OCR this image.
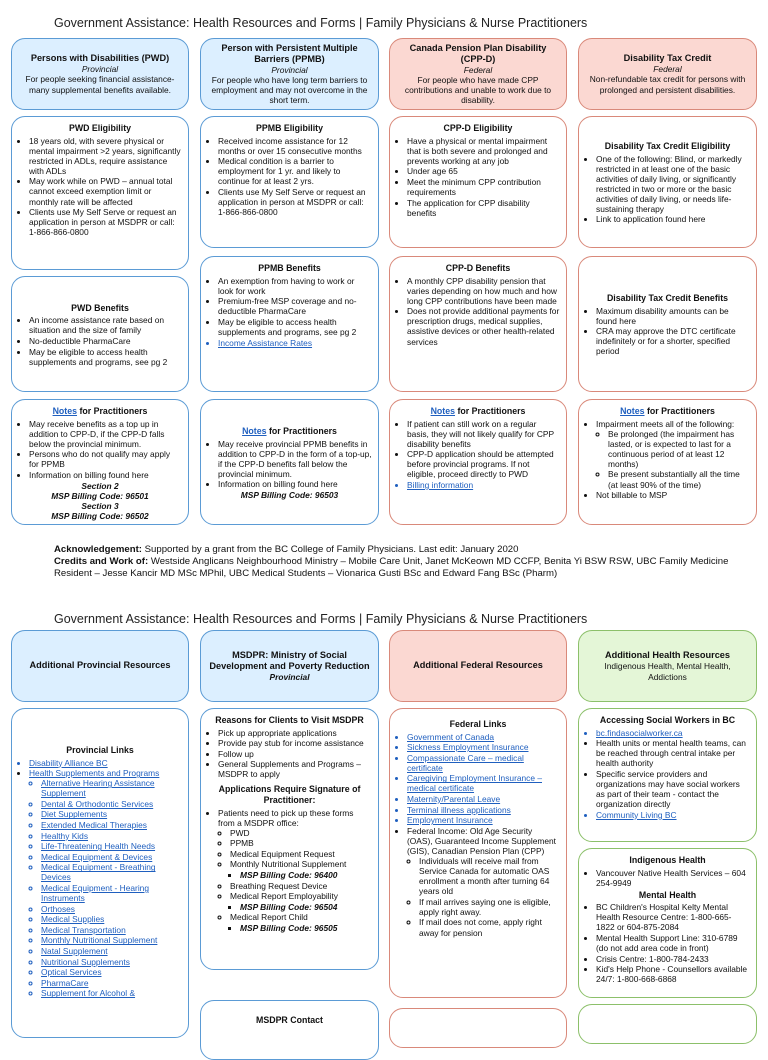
Government Assistance: Health Resources and Forms | Family Physicians & Nurse Practitioners
Persons with Disabilities (PWD)
Provincial
For people seeking financial assistance- many supplemental benefits available.
Person with Persistent Multiple Barriers (PPMB)
Provincial
For people who have long term barriers to employment and may not overcome in the short term.
Canada Pension Plan Disability (CPP-D)
Federal
For people who have made CPP contributions and unable to work due to disability.
Disability Tax Credit
Federal
Non-refundable tax credit for persons with prolonged and persistent disabilities.
PWD Eligibility
• 18 years old, with severe physical or mental impairment >2 years, significantly restricted in ADLs, require assistance with ADLs
• May work while on PWD – annual total cannot exceed exemption limit or monthly rate will be affected
• Clients use My Self Serve or request an application in person at MSDPR or call: 1-866-866-0800
PPMB Eligibility
• Received income assistance for 12 months or over 15 consecutive months
• Medical condition is a barrier to employment for 1 yr. and likely to continue for at least 2 yrs.
• Clients use My Self Serve or request an application in person at MSDPR or call: 1-866-866-0800
CPP-D Eligibility
• Have a physical or mental impairment that is both severe and prolonged and prevents working at any job
• Under age 65
• Meet the minimum CPP contribution requirements
• The application for CPP disability benefits
Disability Tax Credit Eligibility
• One of the following: Blind, or markedly restricted in at least one of the basic activities of daily living, or significantly restricted in two or more or the basic activities of daily living, or needs life-sustaining therapy
• Link to application found here
PWD Benefits
• An income assistance rate based on situation and the size of family
• No-deductible PharmaCare
• May be eligible to access health supplements and programs, see pg 2
PPMB Benefits
• An exemption from having to work or look for work
• Premium-free MSP coverage and no-deductible PharmaCare
• May be eligible to access health supplements and programs, see pg 2
• Income Assistance Rates
CPP-D Benefits
• A monthly CPP disability pension that varies depending on how much and how long CPP contributions have been made
• Does not provide additional payments for prescription drugs, medical supplies, assistive devices or other health-related services
Disability Tax Credit Benefits
• Maximum disability amounts can be found here
• CRA may approve the DTC certificate indefinitely or for a shorter, specified period
Notes for Practitioners
• May receive benefits as a top up in addition to CPP-D, if the CPP-D falls below the provincial minimum.
• Persons who do not qualify may apply for PPMB
• Information on billing found here
Section 2
MSP Billing Code: 96501
Section 3
MSP Billing Code: 96502
Notes for Practitioners
• May receive provincial PPMB benefits in addition to CPP-D in the form of a top-up, if the CPP-D benefits fall below the provincial minimum.
• Information on billing found here
MSP Billing Code: 96503
Notes for Practitioners
• If patient can still work on a regular basis, they will not likely qualify for CPP disability benefits
• CPP-D application should be attempted before provincial programs. If not eligible, proceed directly to PWD
• Billing information
Notes for Practitioners
• Impairment meets all of the following:
◦ Be prolonged (the impairment has lasted, or is expected to last for a continuous period of at least 12 months)
◦ Be present substantially all the time (at least 90% of the time)
• Not billable to MSP
Acknowledgement: Supported by a grant from the BC College of Family Physicians. Last edit: January 2020
Credits and Work of: Westside Anglicans Neighbourhood Ministry – Mobile Care Unit, Janet McKeown MD CCFP, Benita Yi BSW RSW, UBC Family Medicine Resident – Jesse Kancir MD MSc MPhil, UBC Medical Students – Vionarica Gusti BSc and Edward Fang BSc (Pharm)
Government Assistance: Health Resources and Forms | Family Physicians & Nurse Practitioners
Additional Provincial Resources
MSDPR: Ministry of Social Development and Poverty Reduction
Provincial
Additional Federal Resources
Additional Health Resources
Indigenous Health, Mental Health, Addictions
Provincial Links
• Disability Alliance BC
• Health Supplements and Programs
◦ Alternative Hearing Assistance Supplement
◦ Dental & Orthodontic Services
◦ Diet Supplements
◦ Extended Medical Therapies
◦ Healthy Kids
◦ Life-Threatening Health Needs
◦ Medical Equipment & Devices
◦ Medical Equipment - Breathing Devices
◦ Medical Equipment - Hearing Instruments
◦ Orthoses
◦ Medical Supplies
◦ Medical Transportation
◦ Monthly Nutritional Supplement
◦ Natal Supplement
◦ Nutritional Supplements
◦ Optical Services
◦ PharmaCare
◦ Supplement for Alcohol &
Reasons for Clients to Visit MSDPR
• Pick up appropriate applications
• Provide pay stub for income assistance
• Follow up
• General Supplements and Programs – MSDPR to apply
Applications Require Signature of Practitioner:
• Patients need to pick up these forms from a MSDPR office:
◦ PWD
◦ PPMB
◦ Medical Equipment Request
◦ Monthly Nutritional Supplement
▪ MSP Billing Code: 96400
◦ Breathing Request Device
◦ Medical Report Employability
▪ MSP Billing Code: 96504
◦ Medical Report Child
▪ MSP Billing Code: 96505
MSDPR Contact
Federal Links
• Government of Canada
• Sickness Employment Insurance
• Compassionate Care – medical certificate
• Caregiving Employment Insurance – medical certificate
• Maternity/Parental Leave
• Terminal illness applications
• Employment Insurance
• Federal Income: Old Age Security (OAS), Guaranteed Income Supplement (GIS), Canadian Pension Plan (CPP)
◦ Individuals will receive mail from Service Canada for automatic OAS enrollment a month after turning 64 years old
◦ If mail arrives saying one is eligible, apply right away.
◦ If mail does not come, apply right away for pension
Accessing Social Workers in BC
• bc.findasocialworker.ca
• Health units or mental health teams, can be reached through central intake per health authority
• Specific service providers and organizations may have social workers as part of their team - contact the organization directly
• Community Living BC
Indigenous Health
• Vancouver Native Health Services – 604 254-9949
Mental Health
• BC Children's Hospital Kelty Mental Health Resource Centre: 1-800-665-1822 or 604-875-2084
• Mental Health Support Line: 310-6789 (do not add area code in front)
• Crisis Centre: 1-800-784-2433
• Kid's Help Phone - Counsellors available 24/7: 1-800-668-6868
